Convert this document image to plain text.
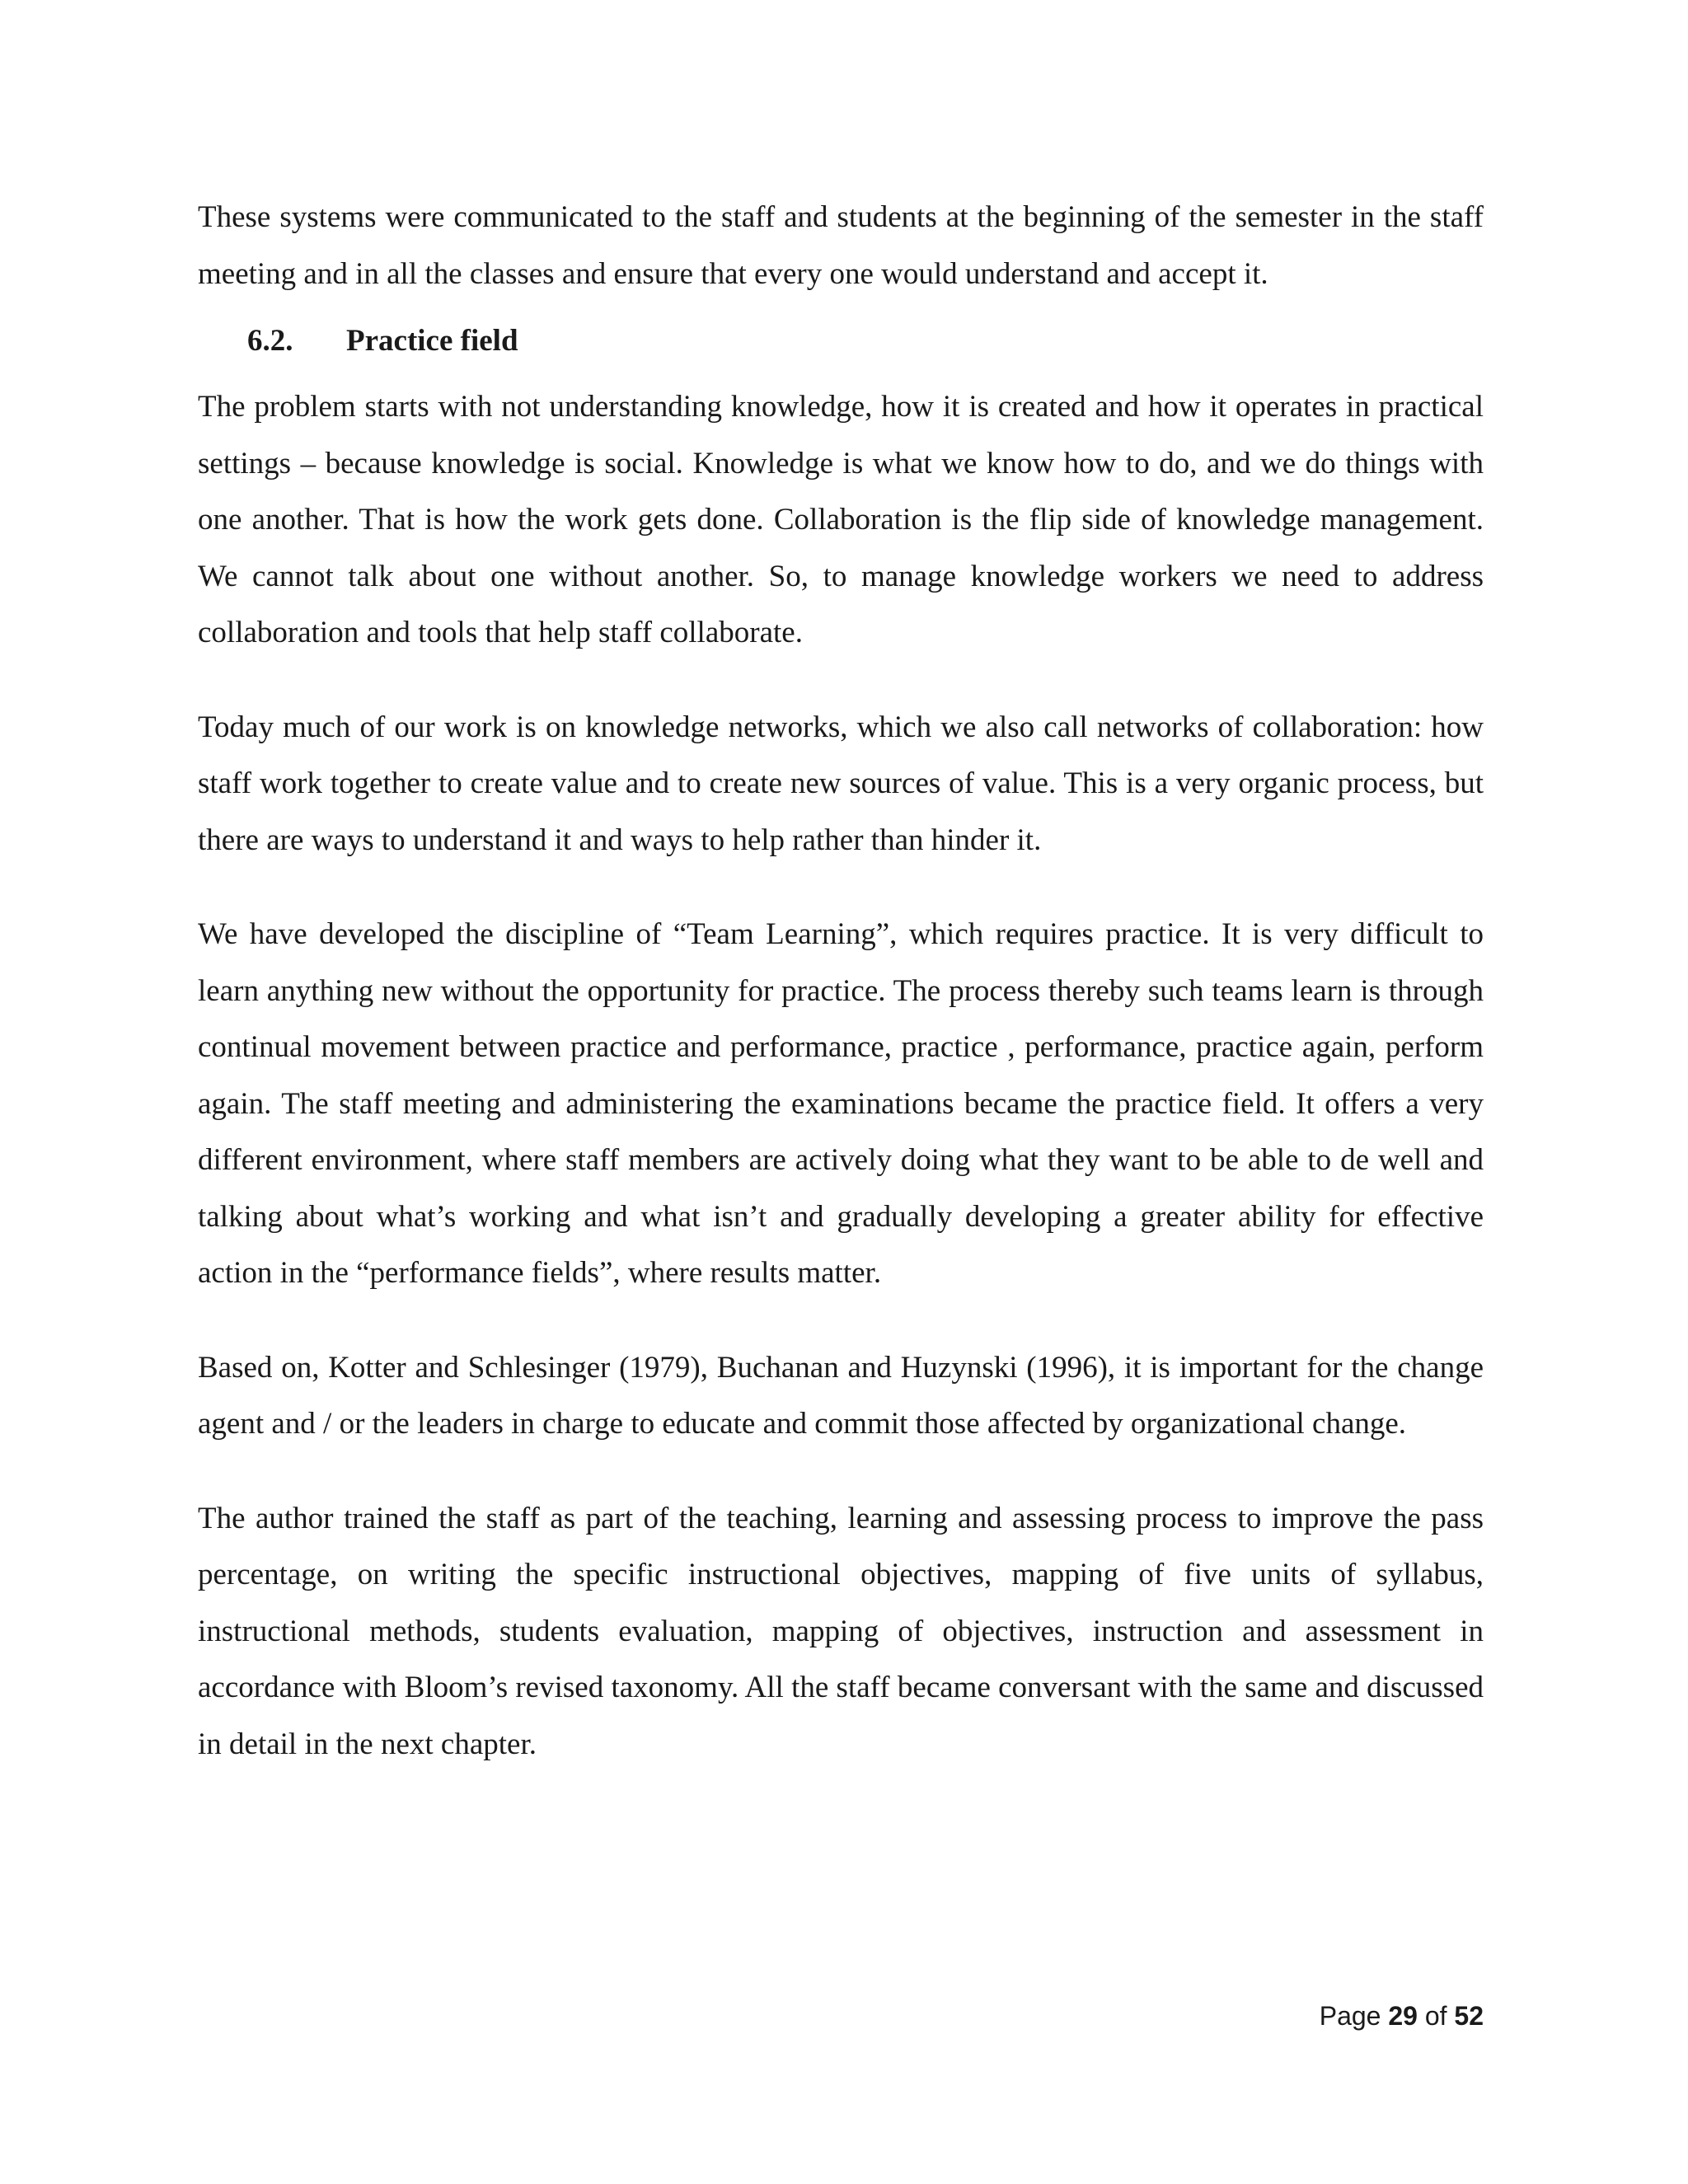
These systems were communicated to the staff and students at the beginning of the semester in the staff meeting and in all the classes and ensure that every one would understand and accept it.

6.2.	Practice field

The problem starts with not understanding knowledge, how it is created and how it operates in practical settings – because knowledge is social. Knowledge is what we know how to do, and we do things with one another. That is how the work gets done. Collaboration is the flip side of knowledge management. We cannot talk about one without another. So, to manage knowledge workers we need to address collaboration and tools that help staff collaborate.

Today much of our work is on knowledge networks, which we also call networks of collaboration: how staff work together to create value and to create new sources of value. This is a very organic process, but there are ways to understand it and ways to help rather than hinder it.

We have developed the discipline of “Team Learning”, which requires practice. It is very difficult to learn anything new without the opportunity for practice. The process thereby such teams learn is through continual movement between practice and performance, practice , performance, practice again, perform again. The staff meeting and administering the examinations became the practice field. It offers a very different environment, where staff members are actively doing what they want to be able to de well and talking about what’s working and what isn’t and gradually developing a greater ability for effective action in the “performance fields”, where results matter.

Based on, Kotter and Schlesinger (1979), Buchanan and Huzynski (1996), it is important for the change agent and / or the leaders in charge to educate and commit those affected by organizational change.

The author trained the staff as part of the teaching, learning and assessing process to improve the pass percentage, on writing the specific instructional objectives, mapping of five units of syllabus, instructional methods, students evaluation, mapping of objectives, instruction and assessment in accordance with Bloom’s revised taxonomy. All the staff became conversant with the same and discussed in detail in the next chapter.

Page 29 of 52
